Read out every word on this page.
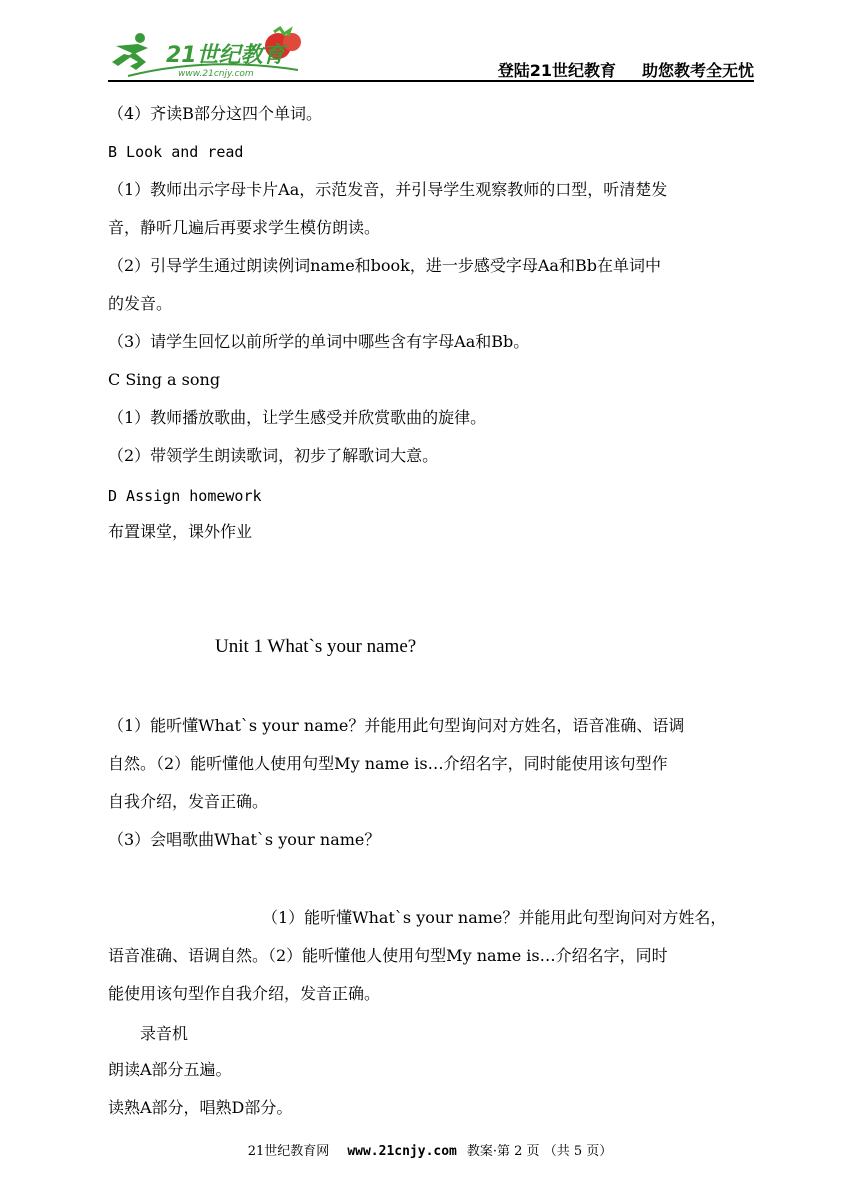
21世纪教育
www.21cnjy.com	登陆21世纪教育 助您教考全无忧
（4）齐读B部分这四个单词。
B Look and read
（1）教师出示字母卡片Aa，示范发音，并引导学生观察教师的口型，听清楚发
音，静听几遍后再要求学生模仿朗读。
（2）引导学生通过朗读例词name和book，进一步感受字母Aa和Bb在单词中
的发音。
（3）请学生回忆以前所学的单词中哪些含有字母Aa和Bb。
C Sing a song
（1）教师播放歌曲，让学生感受并欣赏歌曲的旋律。
（2）带领学生朗读歌词，初步了解歌词大意。
D Assign homework
布置课堂，课外作业
Unit 1 What`s your name?
（1）能听懂What`s your name？并能用此句型询问对方姓名，语音准确、语调
自然。（2）能听懂他人使用句型My name is…介绍名字，同时能使用该句型作
自我介绍，发音正确。
（3）会唱歌曲What`s your name？
（1）能听懂What`s your name？并能用此句型询问对方姓名，
语音准确、语调自然。（2）能听懂他人使用句型My name is…介绍名字，同时
能使用该句型作自我介绍，发音正确。
录音机
朗读A部分五遍。
读熟A部分，唱熟D部分。
21世纪教育网 www.21cnjy.com 教案·第 2 页 （共 5 页）
